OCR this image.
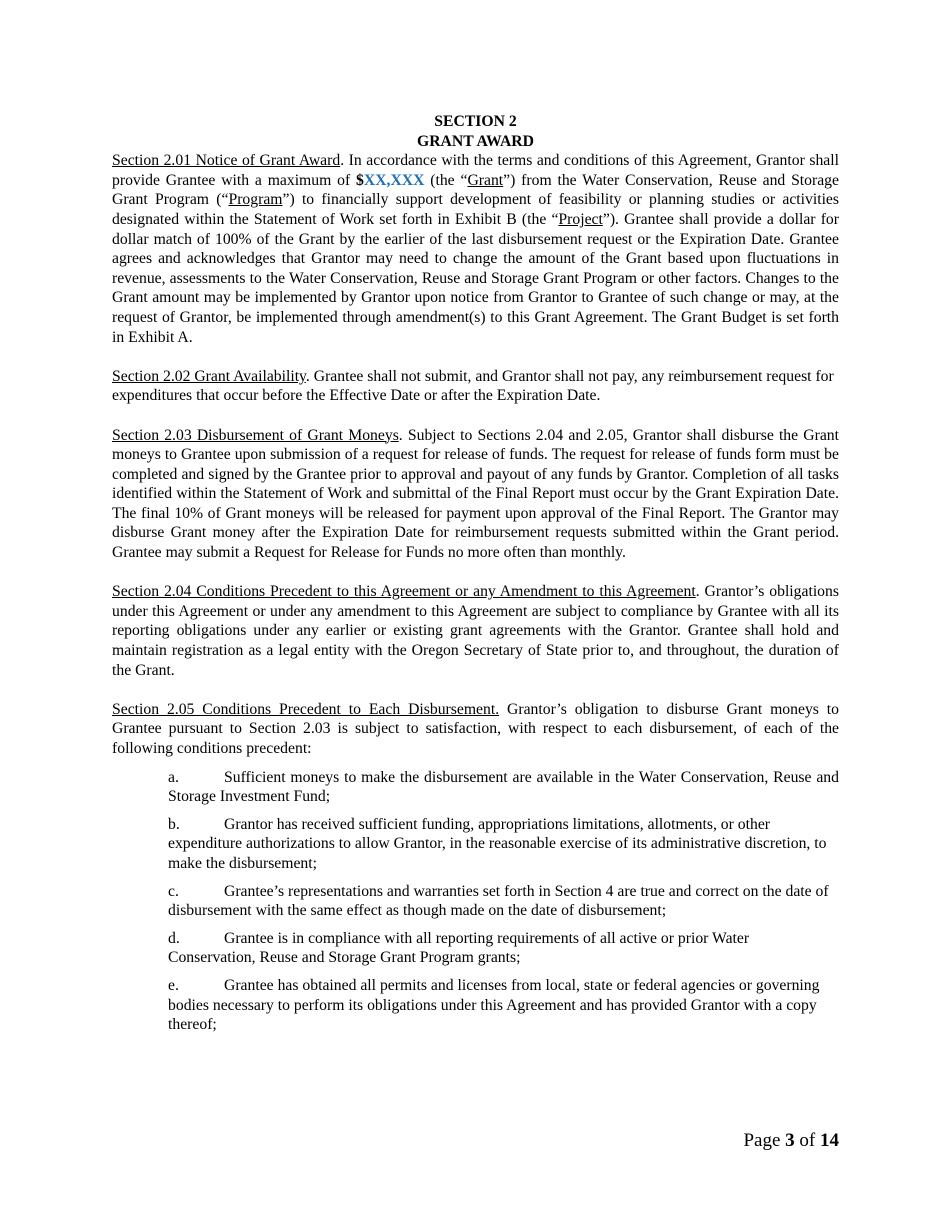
SECTION 2
GRANT AWARD

Section 2.01 Notice of Grant Award. In accordance with the terms and conditions of this Agreement, Grantor shall provide Grantee with a maximum of $XX,XXX (the “Grant”) from the Water Conservation, Reuse and Storage Grant Program (“Program”) to financially support development of feasibility or planning studies or activities designated within the Statement of Work set forth in Exhibit B (the “Project”). Grantee shall provide a dollar for dollar match of 100% of the Grant by the earlier of the last disbursement request or the Expiration Date. Grantee agrees and acknowledges that Grantor may need to change the amount of the Grant based upon fluctuations in revenue, assessments to the Water Conservation, Reuse and Storage Grant Program or other factors. Changes to the Grant amount may be implemented by Grantor upon notice from Grantor to Grantee of such change or may, at the request of Grantor, be implemented through amendment(s) to this Grant Agreement. The Grant Budget is set forth in Exhibit A.

Section 2.02 Grant Availability. Grantee shall not submit, and Grantor shall not pay, any reimbursement request for expenditures that occur before the Effective Date or after the Expiration Date.

Section 2.03 Disbursement of Grant Moneys. Subject to Sections 2.04 and 2.05, Grantor shall disburse the Grant moneys to Grantee upon submission of a request for release of funds. The request for release of funds form must be completed and signed by the Grantee prior to approval and payout of any funds by Grantor. Completion of all tasks identified within the Statement of Work and submittal of the Final Report must occur by the Grant Expiration Date. The final 10% of Grant moneys will be released for payment upon approval of the Final Report. The Grantor may disburse Grant money after the Expiration Date for reimbursement requests submitted within the Grant period. Grantee may submit a Request for Release for Funds no more often than monthly.

Section 2.04 Conditions Precedent to this Agreement or any Amendment to this Agreement. Grantor’s obligations under this Agreement or under any amendment to this Agreement are subject to compliance by Grantee with all its reporting obligations under any earlier or existing grant agreements with the Grantor. Grantee shall hold and maintain registration as a legal entity with the Oregon Secretary of State prior to, and throughout, the duration of the Grant.

Section 2.05 Conditions Precedent to Each Disbursement. Grantor’s obligation to disburse Grant moneys to Grantee pursuant to Section 2.03 is subject to satisfaction, with respect to each disbursement, of each of the following conditions precedent:

a.	Sufficient moneys to make the disbursement are available in the Water Conservation, Reuse and Storage Investment Fund;
b.	Grantor has received sufficient funding, appropriations limitations, allotments, or other expenditure authorizations to allow Grantor, in the reasonable exercise of its administrative discretion, to make the disbursement;
c.	Grantee’s representations and warranties set forth in Section 4 are true and correct on the date of disbursement with the same effect as though made on the date of disbursement;
d.	Grantee is in compliance with all reporting requirements of all active or prior Water Conservation, Reuse and Storage Grant Program grants;
e.	Grantee has obtained all permits and licenses from local, state or federal agencies or governing bodies necessary to perform its obligations under this Agreement and has provided Grantor with a copy thereof;
Page 3 of 14
